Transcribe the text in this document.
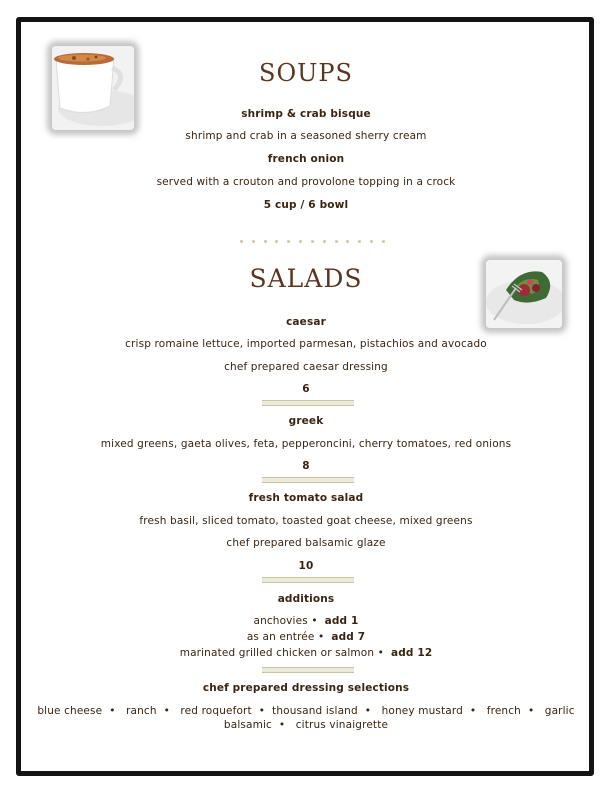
SOUPS
shrimp & crab bisque
shrimp and crab in a seasoned sherry cream
french onion
served with a crouton and provolone topping in a crock
5 cup / 6 bowl
SALADS
caesar
crisp romaine lettuce, imported parmesan, pistachios and avocado
chef prepared caesar dressing
6
greek
mixed greens, gaeta olives, feta, pepperoncini, cherry tomatoes, red onions
8
fresh tomato salad
fresh basil, sliced tomato, toasted goat cheese, mixed greens
chef prepared balsamic glaze
10
additions
anchovies •  add 1
as an entrée •  add 7
marinated grilled chicken or salmon •  add 12
chef prepared dressing selections
blue cheese  •   ranch  •   red roquefort  •  thousand island  •   honey mustard  •   french  •   garlic
balsamic  •   citrus vinaigrette
